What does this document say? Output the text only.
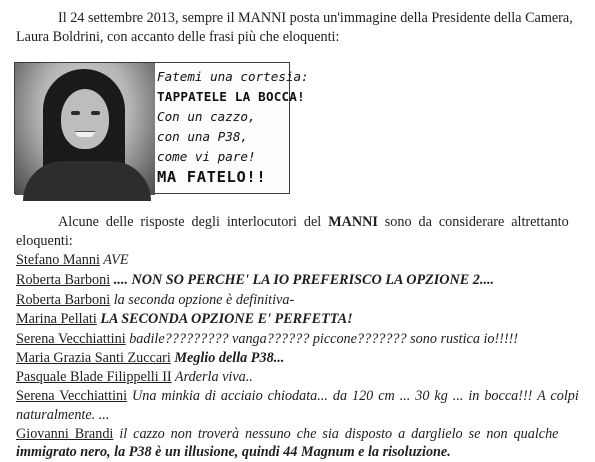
Il 24 settembre 2013, sempre il MANNI posta un'immagine della Presidente della Camera,
Laura Boldrini, con accanto delle frasi più che eloquenti:
Fatemi una cortesia:
TAPPATELE LA BOCCA!
Con un cazzo,
con una P38,
come vi pare!
MA FATELO!!
Alcune delle risposte degli interlocutori del MANNI sono da considerare altrettanto
eloquenti:
Stefano Manni AVE
Roberta Barboni .... NON SO PERCHE' LA IO PREFERISCO LA OPZIONE 2....
Roberta Barboni la seconda opzione è definitiva-
Marina Pellati LA SECONDA OPZIONE E' PERFETTA!
Serena Vecchiattini badile????????? vanga?????? piccone??????? sono rustica io!!!!!
Maria Grazia Santi Zuccari Meglio della P38...
Pasquale Blade Filippelli II Arderla viva..
Serena Vecchiattini Una minkia di acciaio chiodata... da 120 cm ... 30 kg ... in bocca!!! A colpi
naturalmente. ...
Giovanni Brandi il cazzo non troverà nessuno che sia disposto a darglielo se non qualche
immigrato nero, la P38 è un illusione, quindi 44 Magnum e la risoluzione.
